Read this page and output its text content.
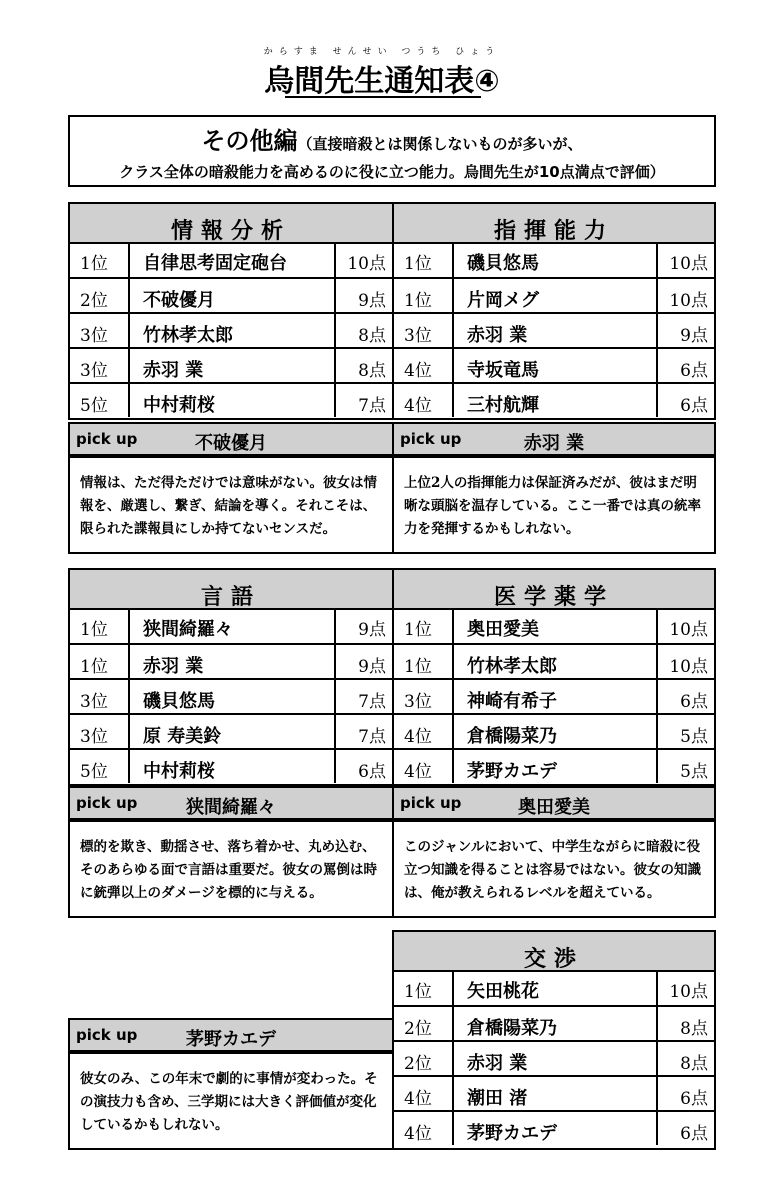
からすま せんせい つうち ひょう
烏間先生通知表④
その他編（直接暗殺とは関係しないものが多いが、
クラス全体の暗殺能力を高めるのに役に立つ能力。烏間先生が10点満点で評価）
情報分析
1位 自律思考固定砲台	10点
2位 不破優月	9点
3位 竹林孝太郎	8点
3位 赤羽 業	8点
5位 中村莉桜	7点
pick up	不破優月
情報は、ただ得ただけでは意味がない。彼女は情報を、厳選し、繋ぎ、結論を導く。それこそは、限られた諜報員にしか持てないセンスだ。
指揮能力
1位 磯貝悠馬	10点
1位 片岡メグ	10点
3位 赤羽 業	9点
4位 寺坂竜馬	6点
4位 三村航輝	6点
pick up	赤羽 業
上位2人の指揮能力は保証済みだが、彼はまだ明晰な頭脳を温存している。ここ一番では真の統率力を発揮するかもしれない。
言語
1位 狭間綺羅々	9点
1位 赤羽 業	9点
3位 磯貝悠馬	7点
3位 原 寿美鈴	7点
5位 中村莉桜	6点
pick up	狭間綺羅々
標的を欺き、動揺させ、落ち着かせ、丸め込む、そのあらゆる面で言語は重要だ。彼女の罵倒は時に銃弾以上のダメージを標的に与える。
医学薬学
1位 奥田愛美	10点
1位 竹林孝太郎	10点
3位 神崎有希子	6点
4位 倉橋陽菜乃	5点
4位 茅野カエデ	5点
pick up	奥田愛美
このジャンルにおいて、中学生ながらに暗殺に役立つ知識を得ることは容易ではない。彼女の知識は、俺が教えられるレベルを超えている。
交渉
1位 矢田桃花	10点
2位 倉橋陽菜乃	8点
2位 赤羽 業	8点
4位 潮田 渚	6点
4位 茅野カエデ	6点
pick up	茅野カエデ
彼女のみ、この年末で劇的に事情が変わった。その演技力も含め、三学期には大きく評価値が変化しているかもしれない。
